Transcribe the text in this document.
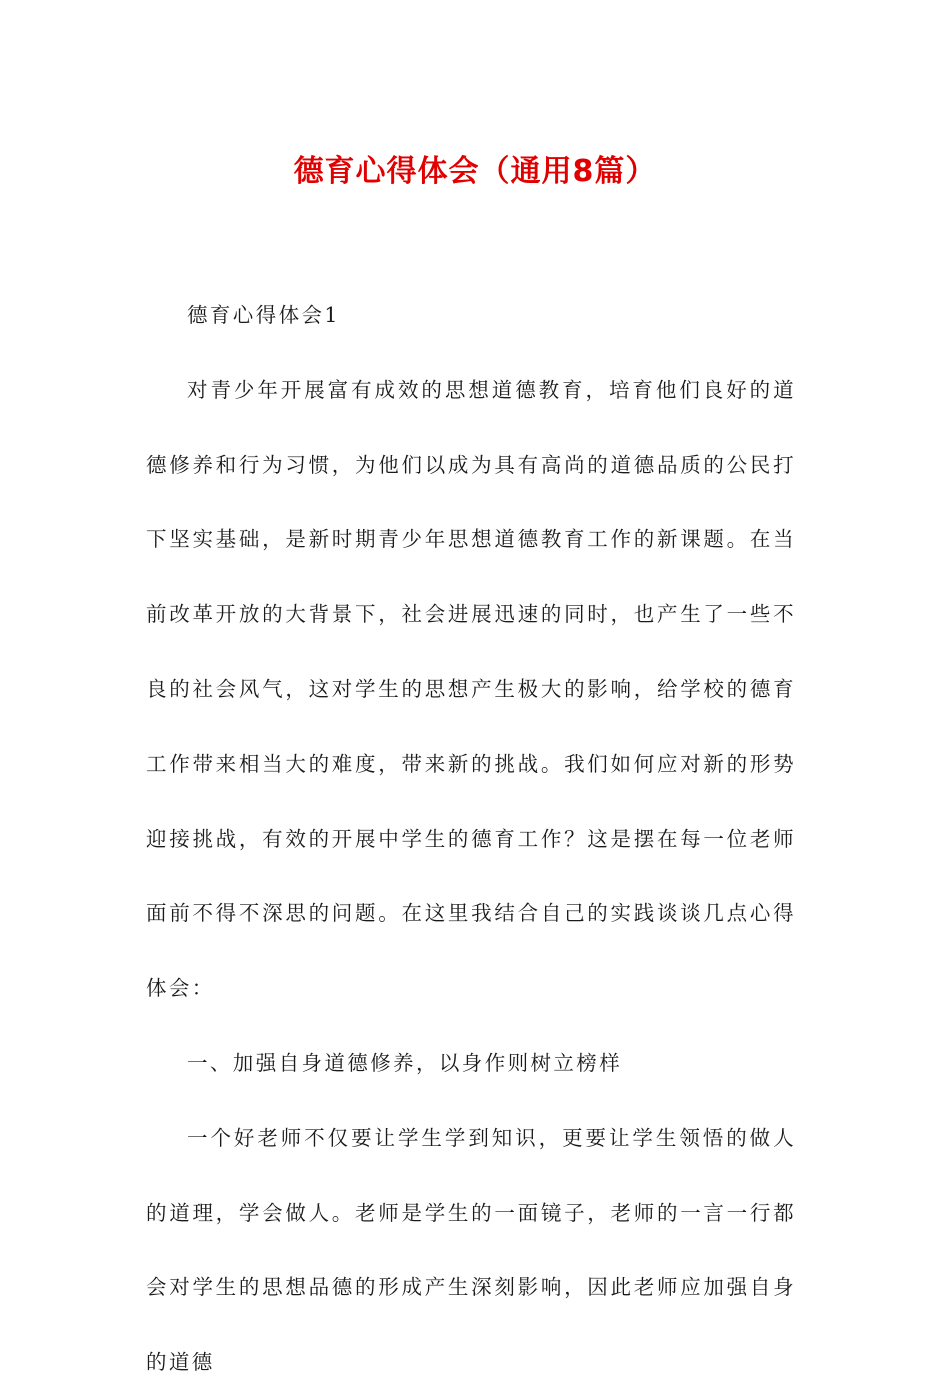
德育心得体会（通用8篇）

德育心得体会1

对青少年开展富有成效的思想道德教育，培育他们良好的道德修养和行为习惯，为他们以成为具有高尚的道德品质的公民打下坚实基础，是新时期青少年思想道德教育工作的新课题。在当前改革开放的大背景下，社会进展迅速的同时，也产生了一些不良的社会风气，这对学生的思想产生极大的影响，给学校的德育工作带来相当大的难度，带来新的挑战。我们如何应对新的形势迎接挑战，有效的开展中学生的德育工作？这是摆在每一位老师面前不得不深思的问题。在这里我结合自己的实践谈谈几点心得体会：

一、加强自身道德修养，以身作则树立榜样

一个好老师不仅要让学生学到知识，更要让学生领悟的做人的道理，学会做人。老师是学生的一面镜子，老师的一言一行都会对学生的思想品德的形成产生深刻影响，因此老师应加强自身的道德
